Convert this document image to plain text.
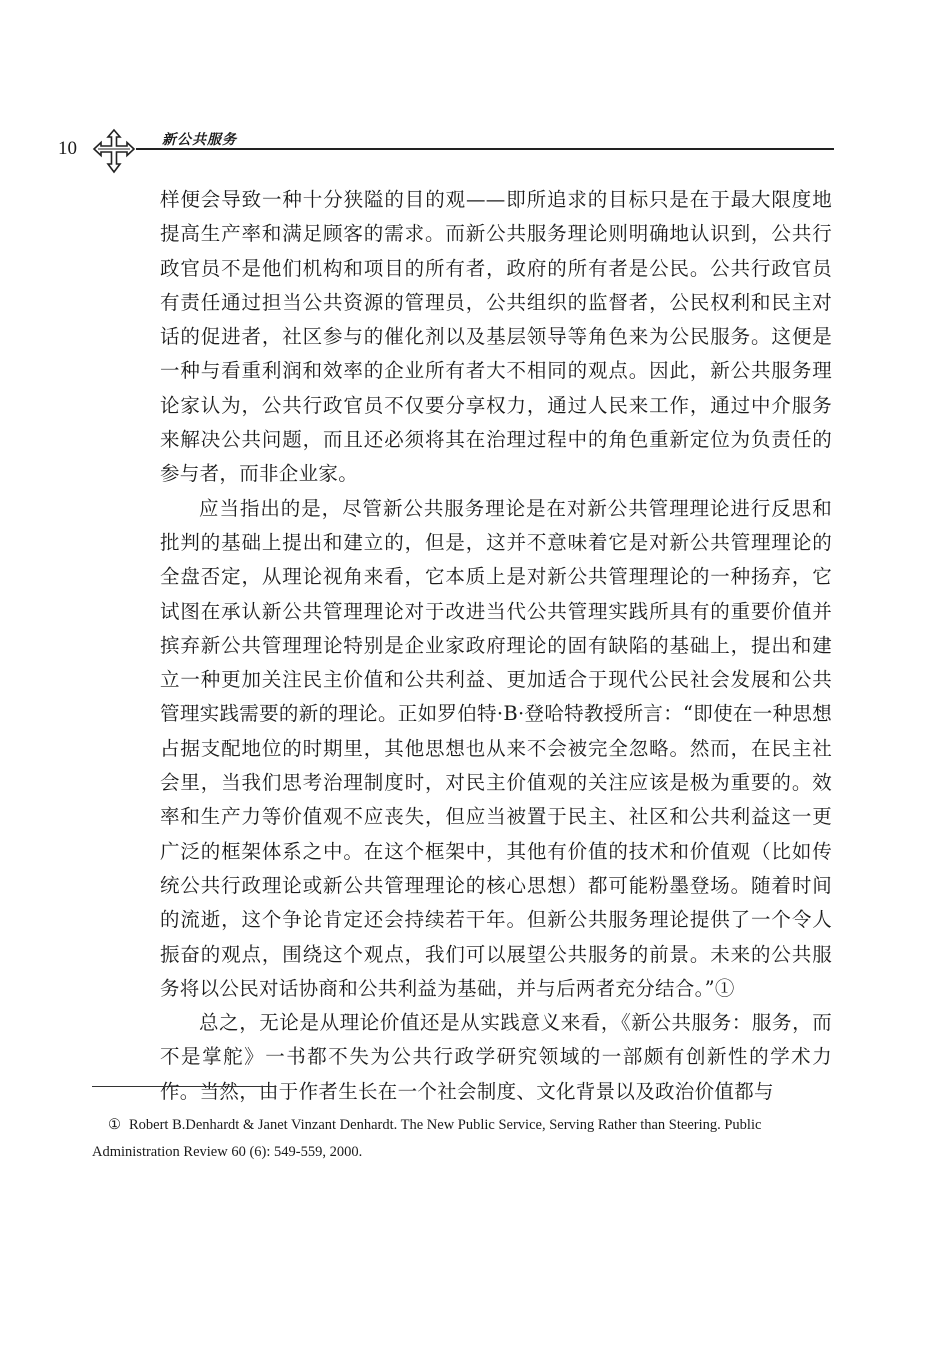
10	新公共服务

样便会导致一种十分狭隘的目的观——即所追求的目标只是在于最大限度地提高生产率和满足顾客的需求。而新公共服务理论则明确地认识到，公共行政官员不是他们机构和项目的所有者，政府的所有者是公民。公共行政官员有责任通过担当公共资源的管理员，公共组织的监督者，公民权利和民主对话的促进者，社区参与的催化剂以及基层领导等角色来为公民服务。这便是一种与看重利润和效率的企业所有者大不相同的观点。因此，新公共服务理论家认为，公共行政官员不仅要分享权力，通过人民来工作，通过中介服务来解决公共问题，而且还必须将其在治理过程中的角色重新定位为负责任的参与者，而非企业家。

应当指出的是，尽管新公共服务理论是在对新公共管理理论进行反思和批判的基础上提出和建立的，但是，这并不意味着它是对新公共管理理论的全盘否定，从理论视角来看，它本质上是对新公共管理理论的一种扬弃，它试图在承认新公共管理理论对于改进当代公共管理实践所具有的重要价值并摈弃新公共管理理论特别是企业家政府理论的固有缺陷的基础上，提出和建立一种更加关注民主价值和公共利益、更加适合于现代公民社会发展和公共管理实践需要的新的理论。正如罗伯特·B·登哈特教授所言：“即使在一种思想占据支配地位的时期里，其他思想也从来不会被完全忽略。然而，在民主社会里，当我们思考治理制度时，对民主价值观的关注应该是极为重要的。效率和生产力等价值观不应丧失，但应当被置于民主、社区和公共利益这一更广泛的框架体系之中。在这个框架中，其他有价值的技术和价值观（比如传统公共行政理论或新公共管理理论的核心思想）都可能粉墨登场。随着时间的流逝，这个争论肯定还会持续若干年。但新公共服务理论提供了一个令人振奋的观点，围绕这个观点，我们可以展望公共服务的前景。未来的公共服务将以公民对话协商和公共利益为基础，并与后两者充分结合。”①

总之，无论是从理论价值还是从实践意义来看，《新公共服务：服务，而不是掌舵》一书都不失为公共行政学研究领域的一部颇有创新性的学术力作。当然，由于作者生长在一个社会制度、文化背景以及政治价值都与

① Robert B.Denhardt & Janet Vinzant Denhardt. The New Public Service, Serving Rather than Steering. Public Administration Review 60 (6): 549-559, 2000.
